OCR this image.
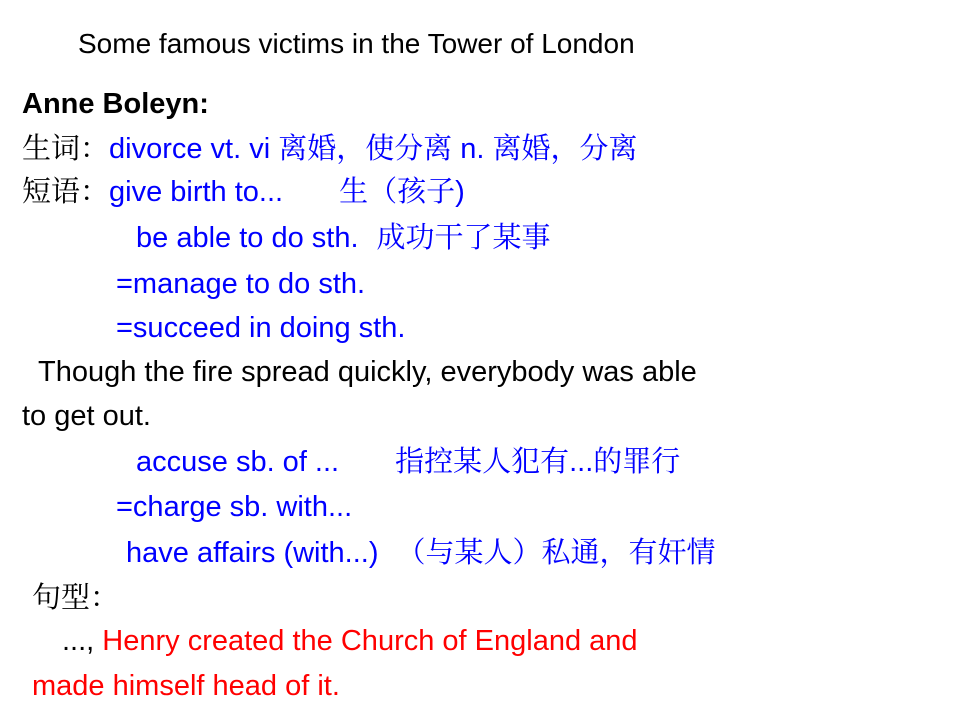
Some famous victims in the Tower of London
Anne Boleyn:
生词：divorce vt. vi 离婚，使分离 n. 离婚，分离
短语：give birth to... 生（孩子)
be able to do sth. 成功干了某事
=manage to do sth.
=succeed in doing sth.
Though the fire spread quickly, everybody was able
to get out.
accuse sb. of ... 指控某人犯有...的罪行
=charge sb. with...
have affairs (with...) （与某人）私通，有奸情
句型：
..., Henry created the Church of England and
made himself head of it.
